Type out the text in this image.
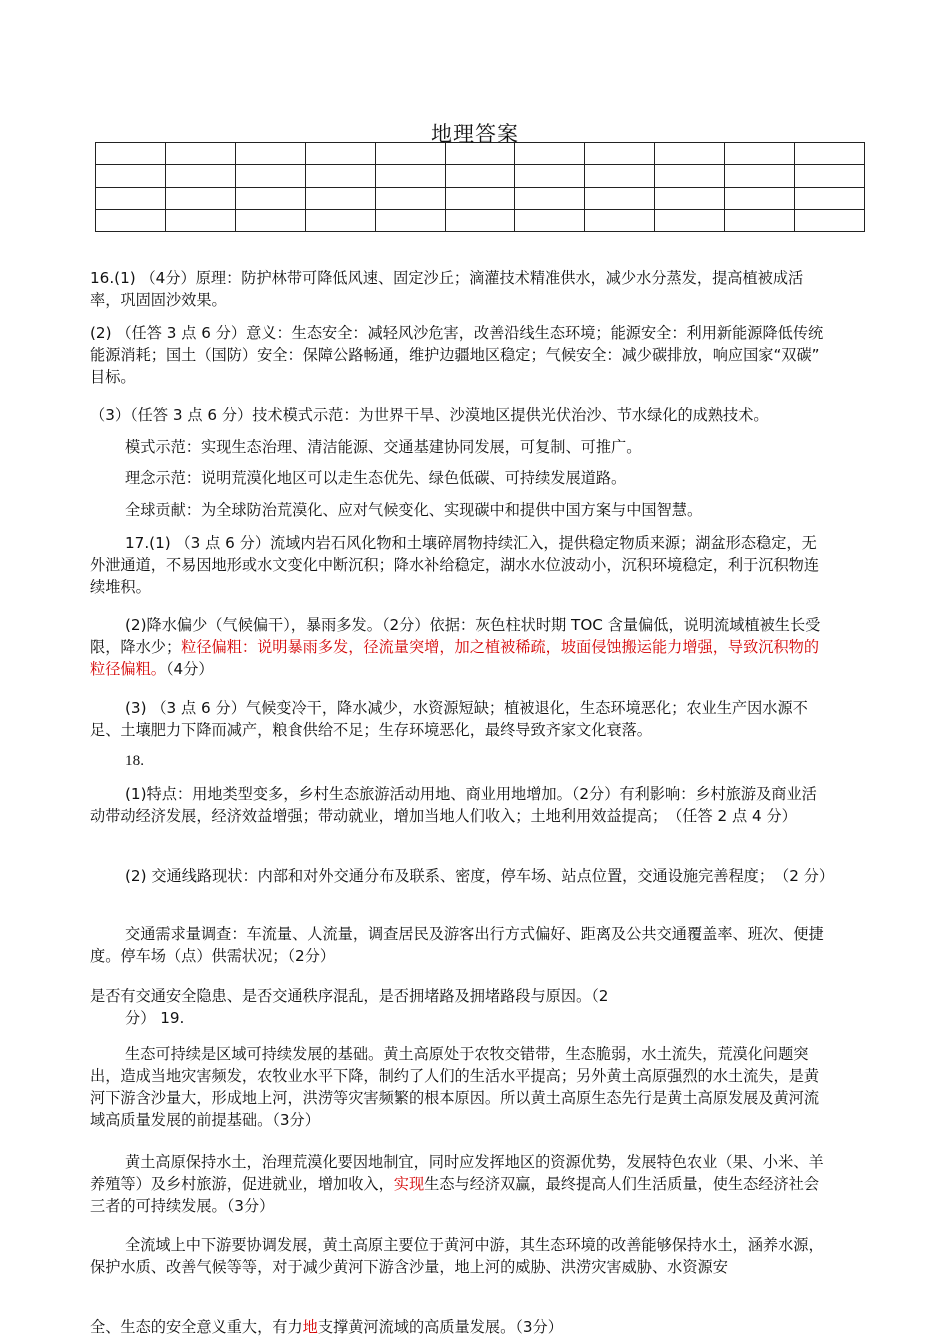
地理答案

16.(1) （4分）原理：防护林带可降低风速、固定沙丘；滴灌技术精准供水，减少水分蒸发，提高植被成活率，巩固固沙效果。

(2) （任答 3 点 6 分）意义：生态安全：减轻风沙危害，改善沿线生态环境；能源安全：利用新能源降低传统能源消耗；国土（国防）安全：保障公路畅通，维护边疆地区稳定；气候安全：减少碳排放，响应国家“双碳” 目标。

（3）（任答 3 点 6 分）技术模式示范：为世界干旱、沙漠地区提供光伏治沙、节水绿化的成熟技术。

模式示范：实现生态治理、清洁能源、交通基建协同发展，可复制、可推广。

理念示范：说明荒漠化地区可以走生态优先、绿色低碳、可持续发展道路。

全球贡献：为全球防治荒漠化、应对气候变化、实现碳中和提供中国方案与中国智慧。

17.(1) （3 点 6 分）流域内岩石风化物和土壤碎屑物持续汇入，提供稳定物质来源；湖盆形态稳定，无外泄通道，不易因地形或水文变化中断沉积；降水补给稳定，湖水水位波动小，沉积环境稳定，利于沉积物连续堆积。

(2)降水偏少（气候偏干），暴雨多发。（2分）依据：灰色柱状时期 TOC 含量偏低，说明流域植被生长受限，降水少；粒径偏粗：说明暴雨多发，径流量突增，加之植被稀疏，坡面侵蚀搬运能力增强，导致沉积物的粒径偏粗。（4分）

(3) （3 点 6 分）气候变冷干，降水减少，水资源短缺；植被退化，生态环境恶化；农业生产因水源不足、土壤肥力下降而减产，粮食供给不足；生存环境恶化，最终导致齐家文化衰落。

18.

(1)特点：用地类型变多，乡村生态旅游活动用地、商业用地增加。（2分）有利影响：乡村旅游及商业活动带动经济发展，经济效益增强；带动就业，增加当地人们收入；土地利用效益提高；　（任答 2 点 4 分）

(2) 交通线路现状：内部和对外交通分布及联系、密度，停车场、站点位置，交通设施完善程度；　（2 分）

交通需求量调查：车流量、人流量，调查居民及游客出行方式偏好、距离及公共交通覆盖率、班次、便捷度。停车场（点）供需状况；（2分）

是否有交通安全隐患、是否交通秩序混乱，是否拥堵路及拥堵路段与原因。（2

分） 19.

生态可持续是区域可持续发展的基础。黄土高原处于农牧交错带，生态脆弱，水土流失，荒漠化问题突出，造成当地灾害频发，农牧业水平下降，制约了人们的生活水平提高；另外黄土高原强烈的水土流失，是黄河下游含沙量大，形成地上河，洪涝等灾害频繁的根本原因。所以黄土高原生态先行是黄土高原发展及黄河流域高质量发展的前提基础。（3分）

黄土高原保持水土，治理荒漠化要因地制宜，同时应发挥地区的资源优势，发展特色农业（果、小米、羊养殖等）及乡村旅游，促进就业，增加收入，实现生态与经济双赢，最终提高人们生活质量，使生态经济社会三者的可持续发展。（3分）

全流域上中下游要协调发展，黄土高原主要位于黄河中游，其生态环境的改善能够保持水土，涵养水源，保护水质、改善气候等等，对于减少黄河下游含沙量，地上河的威胁、洪涝灾害威胁、水资源安

全、生态的安全意义重大，有力地支撑黄河流域的高质量发展。（3分）
